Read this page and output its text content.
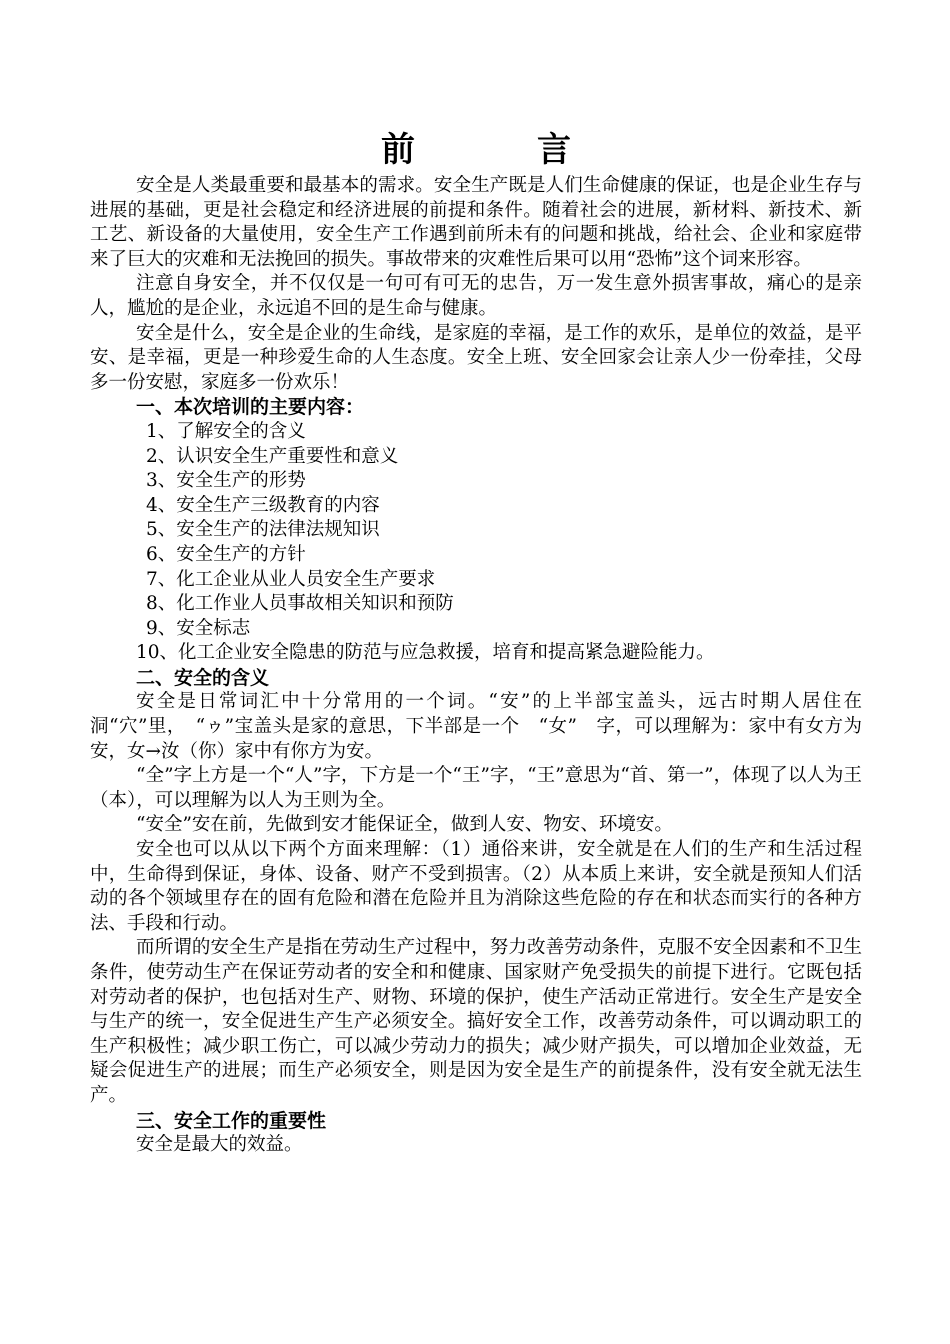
前　言

安全是人类最重要和最基本的需求。安全生产既是人们生命健康的保证，也是企业生存与进展的基础，更是社会稳定和经济进展的前提和条件。随着社会的进展，新材料、新技术、新工艺、新设备的大量使用，安全生产工作遇到前所未有的问题和挑战，给社会、企业和家庭带来了巨大的灾难和无法挽回的损失。事故带来的灾难性后果可以用“恐怖”这个词来形容。

注意自身安全，并不仅仅是一句可有可无的忠告，万一发生意外损害事故，痛心的是亲人，尴尬的是企业，永远追不回的是生命与健康。

安全是什么，安全是企业的生命线，是家庭的幸福，是工作的欢乐，是单位的效益，是平安、是幸福，更是一种珍爱生命的人生态度。安全上班、安全回家会让亲人少一份牵挂，父母多一份安慰，家庭多一份欢乐！

一、本次培训的主要内容：
1、了解安全的含义
2、认识安全生产重要性和意义
3、安全生产的形势
4、安全生产三级教育的内容
5、安全生产的法律法规知识
6、安全生产的方针
7、化工企业从业人员安全生产要求
8、化工作业人员事故相关知识和预防
9、安全标志
10、化工企业安全隐患的防范与应急救援，培育和提高紧急避险能力。
二、安全的含义

安全是日常词汇中十分常用的一个词。“安”的上半部宝盖头，远古时期人居住在洞“穴”里，　“ゥ”宝盖头是家的意思，下半部是一个　“女”　字，可以理解为：家中有女方为安，女→汝（你）家中有你方为安。

“全”字上方是一个“人”字，下方是一个“王”字，“王”意思为“首、第一”，体现了以人为王（本），可以理解为以人为王则为全。

“安全”安在前，先做到安才能保证全，做到人安、物安、环境安。

安全也可以从以下两个方面来理解：（1）通俗来讲，安全就是在人们的生产和生活过程中，生命得到保证，身体、设备、财产不受到损害。（2）从本质上来讲，安全就是预知人们活动的各个领域里存在的固有危险和潜在危险并且为消除这些危险的存在和状态而实行的各种方法、手段和行动。

而所谓的安全生产是指在劳动生产过程中，努力改善劳动条件，克服不安全因素和不卫生条件，使劳动生产在保证劳动者的安全和和健康、国家财产免受损失的前提下进行。它既包括对劳动者的保护，也包括对生产、财物、环境的保护，使生产活动正常进行。安全生产是安全与生产的统一，安全促进生产生产必须安全。搞好安全工作，改善劳动条件，可以调动职工的生产积极性；减少职工伤亡，可以减少劳动力的损失；减少财产损失，可以增加企业效益，无疑会促进生产的进展；而生产必须安全，则是因为安全是生产的前提条件，没有安全就无法生产。

三、安全工作的重要性

安全是最大的效益。
